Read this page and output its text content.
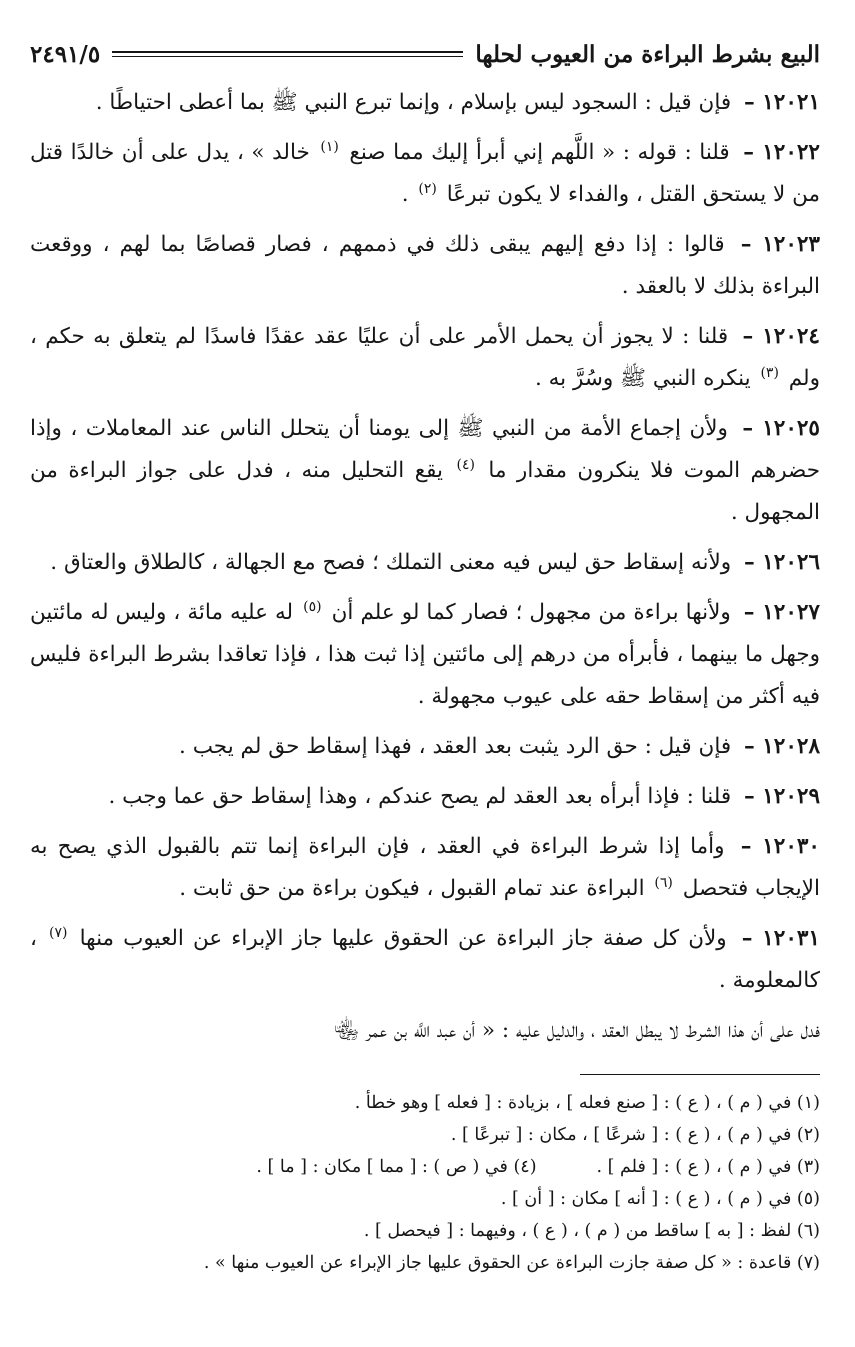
البيع بشرط البراءة من العيوب لحلها
٢٤٩١/٥

١٢٠٢١ – فإن قيل : السجود ليس بإسلام ، وإنما تبرع النبي ﷺ بما أعطى احتياطًا .

١٢٠٢٢ – قلنا : قوله : « اللَّهم إني أبرأ إليك مما صنع $^{(١)}$ خالد » ، يدل على أن خالدًا قتل من لا يستحق القتل ، والفداء لا يكون تبرعًا $^{(٢)}$ .

١٢٠٢٣ – قالوا : إذا دفع إليهم يبقى ذلك في ذممهم ، فصار قصاصًا بما لهم ، ووقعت البراءة بذلك لا بالعقد .

١٢٠٢٤ – قلنا : لا يجوز أن يحمل الأمر على أن عليًا عقد عقدًا فاسدًا لم يتعلق به حكم ، ولم $^{(٣)}$ ينكره النبي ﷺ وسُرَّ به .

١٢٠٢٥ – ولأن إجماع الأمة من النبي ﷺ إلى يومنا أن يتحلل الناس عند المعاملات ، وإذا حضرهم الموت فلا ينكرون مقدار ما $^{(٤)}$ يقع التحليل منه ، فدل على جواز البراءة من المجهول .

١٢٠٢٦ – ولأنه إسقاط حق ليس فيه معنى التملك ؛ فصح مع الجهالة ، كالطلاق والعتاق .

١٢٠٢٧ – ولأنها براءة من مجهول ؛ فصار كما لو علم أن $^{(٥)}$ له عليه مائة ، وليس له مائتين وجهل ما بينهما ، فأبرأه من درهم إلى مائتين إذا ثبت هذا ، فإذا تعاقدا بشرط البراءة فليس فيه أكثر من إسقاط حقه على عيوب مجهولة .

١٢٠٢٨ – فإن قيل : حق الرد يثبت بعد العقد ، فهذا إسقاط حق لم يجب .

١٢٠٢٩ – قلنا : فإذا أبرأه بعد العقد لم يصح عندكم ، وهذا إسقاط حق عما وجب .

١٢٠٣٠ – وأما إذا شرط البراءة في العقد ، فإن البراءة إنما تتم بالقبول الذي يصح به الإيجاب فتحصل $^{(٦)}$ البراءة عند تمام القبول ، فيكون براءة من حق ثابت .

١٢٠٣١ – ولأن كل صفة جاز البراءة عن الحقوق عليها جاز الإبراء عن العيوب منها $^{(٧)}$ ، كالمعلومة .

فدل على أن هذا الشرط لا يبطل العقد ، والدليل عليه : « أن عبد اللَّه بن عمر ﵄

(١) في ( م ) ، ( ع ) : [ صنع فعله ] ، بزيادة : [ فعله ] وهو خطأ .
(٢) في ( م ) ، ( ع ) : [ شرعًا ] ، مكان : [ تبرعًا ] .
(٣) في ( م ) ، ( ع ) : [ فلم ] .
(٤) في ( ص ) : [ مما ] مكان : [ ما ] .
(٥) في ( م ) ، ( ع ) : [ أنه ] مكان : [ أن ] .
(٦) لفظ : [ به ] ساقط من ( م ) ، ( ع ) ، وفيهما : [ فيحصل ] .
(٧) قاعدة : « كل صفة جازت البراءة عن الحقوق عليها جاز الإبراء عن العيوب منها » .
